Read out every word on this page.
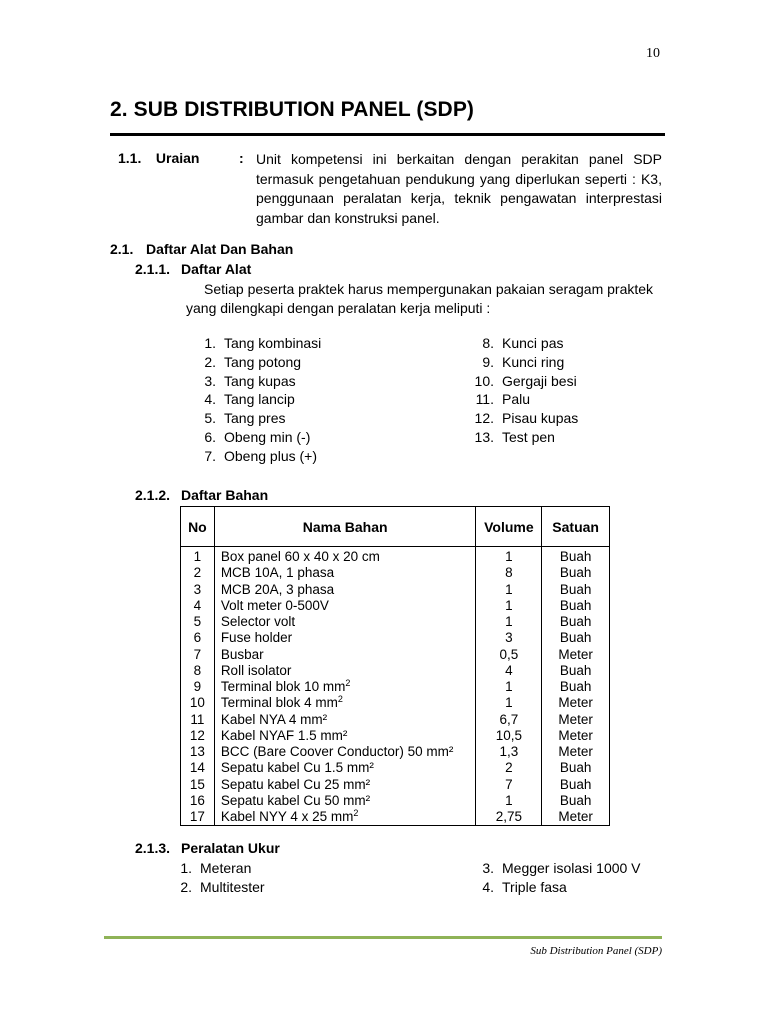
10
2. SUB DISTRIBUTION PANEL (SDP)
1.1. Uraian	: Unit kompetensi ini berkaitan dengan perakitan panel SDP termasuk pengetahuan pendukung yang diperlukan seperti : K3, penggunaan peralatan kerja, teknik pengawatan interprestasi gambar dan konstruksi panel.
2.1. Daftar Alat Dan Bahan
2.1.1. Daftar Alat
Setiap peserta praktek harus mempergunakan pakaian seragam praktek
yang dilengkapi dengan peralatan kerja meliputi :
1. Tang kombinasi
2. Tang potong
3. Tang kupas
4. Tang lancip
5. Tang pres
6. Obeng min (-)
7. Obeng plus (+)
8. Kunci pas
9. Kunci ring
10. Gergaji besi
11. Palu
12. Pisau kupas
13. Test pen
2.1.2. Daftar Bahan
No	Nama Bahan	Volume	Satuan
1	Box panel 60 x 40 x 20 cm	1	Buah
2	MCB 10A, 1 phasa	8	Buah
3	MCB 20A, 3 phasa	1	Buah
4	Volt meter 0-500V	1	Buah
5	Selector volt	1	Buah
6	Fuse holder	3	Buah
7	Busbar	0,5	Meter
8	Roll isolator	4	Buah
9	Terminal blok 10 $mm^2$	1	Buah
10	Terminal blok 4 $mm^2$	1	Meter
11	Kabel NYA 4 mm²	6,7	Meter
12	Kabel NYAF 1.5 mm²	10,5	Meter
13	BCC (Bare Coover Conductor) 50 mm²	1,3	Meter
14	Sepatu kabel Cu 1.5 mm²	2	Buah
15	Sepatu kabel Cu 25 mm²	7	Buah
16	Sepatu kabel Cu 50 mm²	1	Buah
17	Kabel NYY 4 x 25 $mm^2$	2,75	Meter
2.1.3. Peralatan Ukur
1. Meteran
2. Multitester
3. Megger isolasi 1000 V
4. Triple fasa
Sub Distribution Panel (SDP)
